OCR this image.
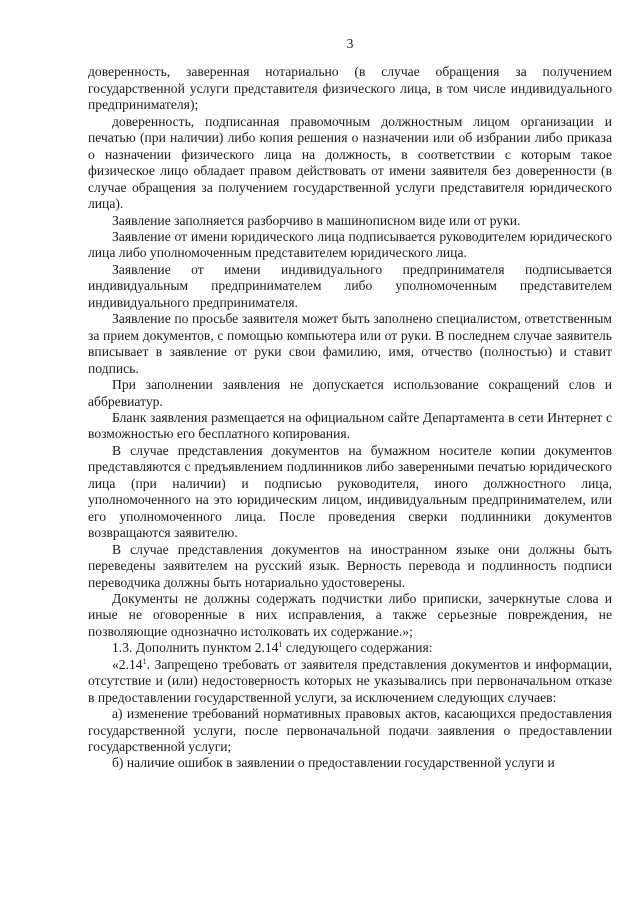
3

доверенность, заверенная нотариально (в случае обращения за получением государственной услуги представителя физического лица, в том числе индивидуального предпринимателя);

доверенность, подписанная правомочным должностным лицом организации и печатью (при наличии) либо копия решения о назначении или об избрании либо приказа о назначении физического лица на должность, в соответствии с которым такое физическое лицо обладает правом действовать от имени заявителя без доверенности (в случае обращения за получением государственной услуги представителя юридического лица).

Заявление заполняется разборчиво в машинописном виде или от руки.

Заявление от имени юридического лица подписывается руководителем юридического лица либо уполномоченным представителем юридического лица.

Заявление от имени индивидуального предпринимателя подписывается индивидуальным предпринимателем либо уполномоченным представителем индивидуального предпринимателя.

Заявление по просьбе заявителя может быть заполнено специалистом, ответственным за прием документов, с помощью компьютера или от руки. В последнем случае заявитель вписывает в заявление от руки свои фамилию, имя, отчество (полностью) и ставит подпись.

При заполнении заявления не допускается использование сокращений слов и аббревиатур.

Бланк заявления размещается на официальном сайте Департамента в сети Интернет с возможностью его бесплатного копирования.

В случае представления документов на бумажном носителе копии документов представляются с предъявлением подлинников либо заверенными печатью юридического лица (при наличии) и подписью руководителя, иного должностного лица, уполномоченного на это юридическим лицом, индивидуальным предпринимателем, или его уполномоченного лица. После проведения сверки подлинники документов возвращаются заявителю.

В случае представления документов на иностранном языке они должны быть переведены заявителем на русский язык. Верность перевода и подлинность подписи переводчика должны быть нотариально удостоверены.

Документы не должны содержать подчистки либо приписки, зачеркнутые слова и иные не оговоренные в них исправления, а также серьезные повреждения, не позволяющие однозначно истолковать их содержание.»;

1.3. Дополнить пунктом 2.14$^1$ следующего содержания:

«2.14$^1$. Запрещено требовать от заявителя представления документов и информации, отсутствие и (или) недостоверность которых не указывались при первоначальном отказе в предоставлении государственной услуги, за исключением следующих случаев:

а) изменение требований нормативных правовых актов, касающихся предоставления государственной услуги, после первоначальной подачи заявления о предоставлении государственной услуги;

б) наличие ошибок в заявлении о предоставлении государственной услуги и
